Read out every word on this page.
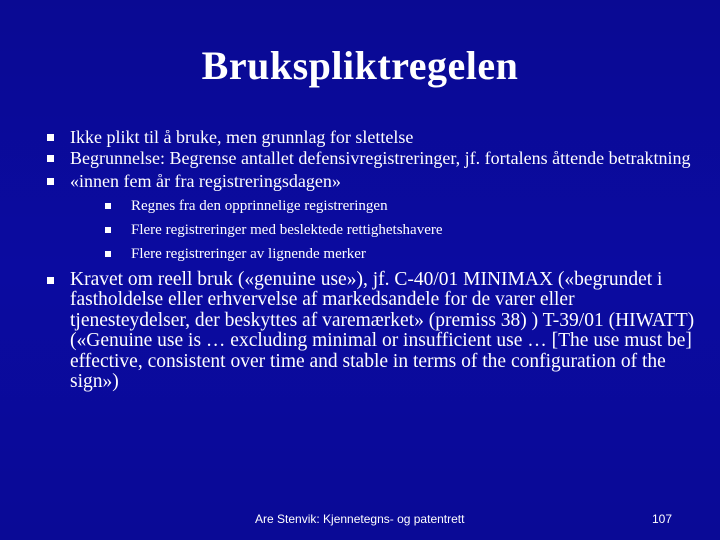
Brukspliktregelen
Ikke plikt til å bruke, men grunnlag for slettelse
Begrunnelse: Begrense antallet defensivregistreringer, jf. fortalens åttende betraktning
«innen fem år fra registreringsdagen»
Regnes fra den opprinnelige registreringen
Flere registreringer med beslektede rettighetshavere
Flere registreringer av lignende merker
Kravet om reell bruk («genuine use»), jf. C-40/01 MINIMAX («begrundet i fastholdelse eller erhvervelse af markedsandele for de varer eller tjenesteydelser, der beskyttes af varemærket» (premiss 38) ) T-39/01 (HIWATT) («Genuine use is … excluding minimal or insufficient use … [The use must be] effective, consistent over time and stable in terms of the configuration of the sign»)
Are Stenvik: Kjennetegns- og patentrett	107
